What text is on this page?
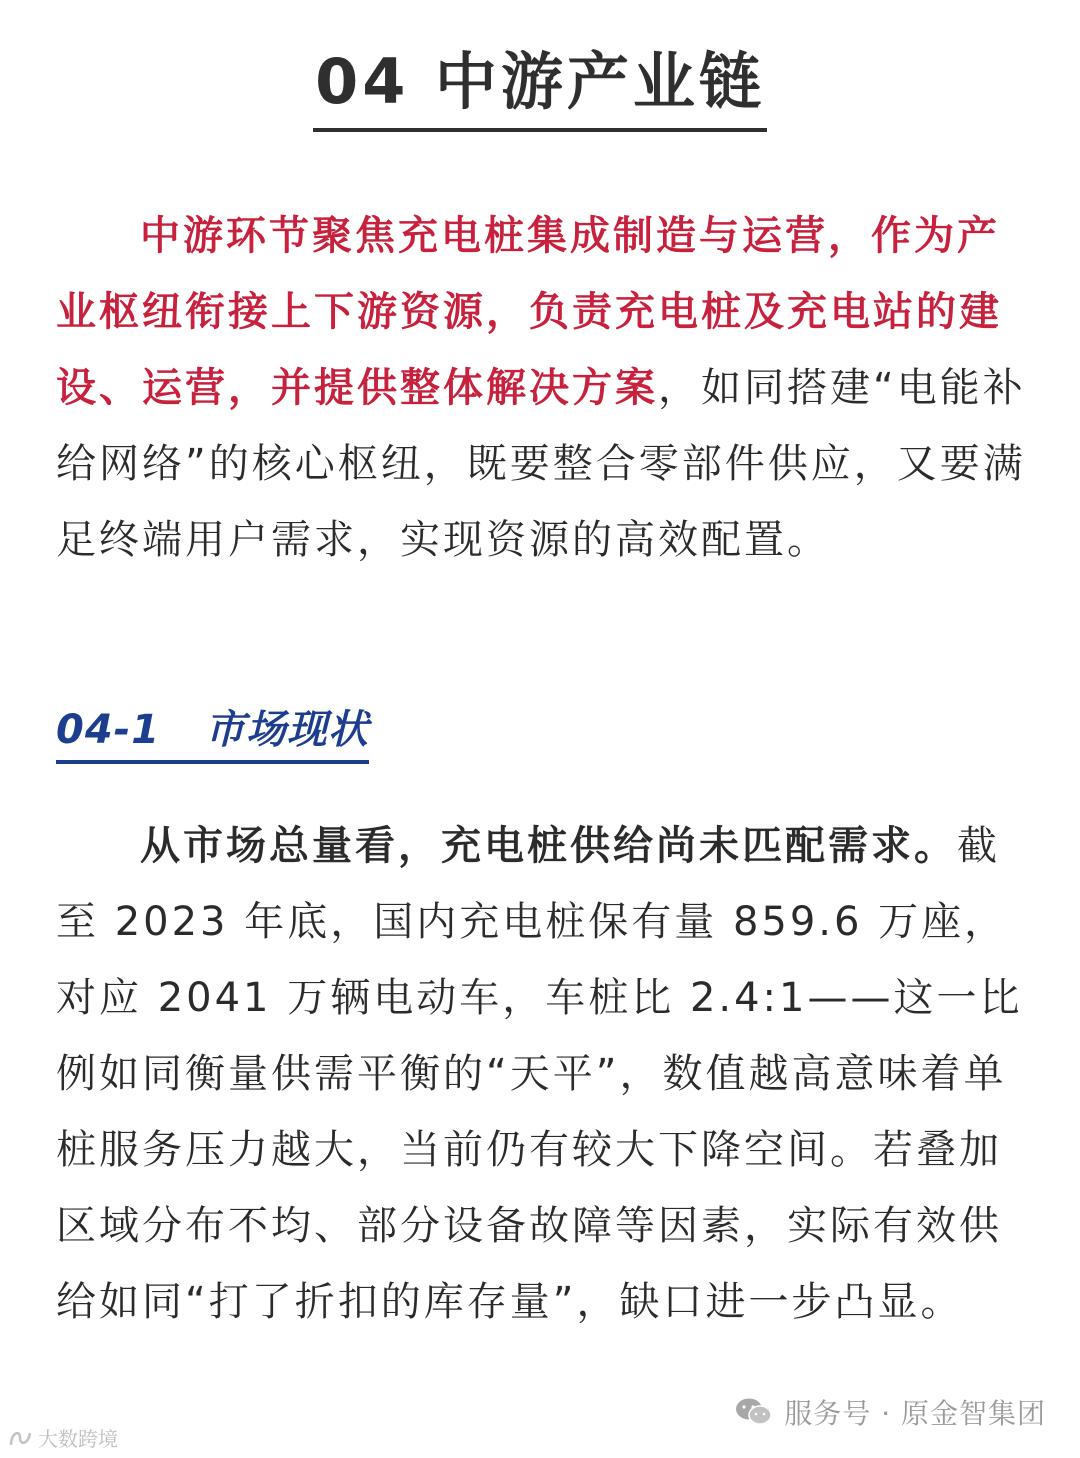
04 中游产业链

中游环节聚焦充电桩集成制造与运营，作为产业枢纽衔接上下游资源，负责充电桩及充电站的建设、运营，并提供整体解决方案，如同搭建“电能补给网络”的核心枢纽，既要整合零部件供应，又要满足终端用户需求，实现资源的高效配置。

04-1   市场现状

从市场总量看，充电桩供给尚未匹配需求。截至 2023 年底，国内充电桩保有量 859.6 万座，对应 2041 万辆电动车，车桩比 2.4:1——这一比例如同衡量供需平衡的“天平”，数值越高意味着单桩服务压力越大，当前仍有较大下降空间。若叠加区域分布不均、部分设备故障等因素，实际有效供给如同“打了折扣的库存量”，缺口进一步凸显。

大数跨境
服务号 · 原金智集团
